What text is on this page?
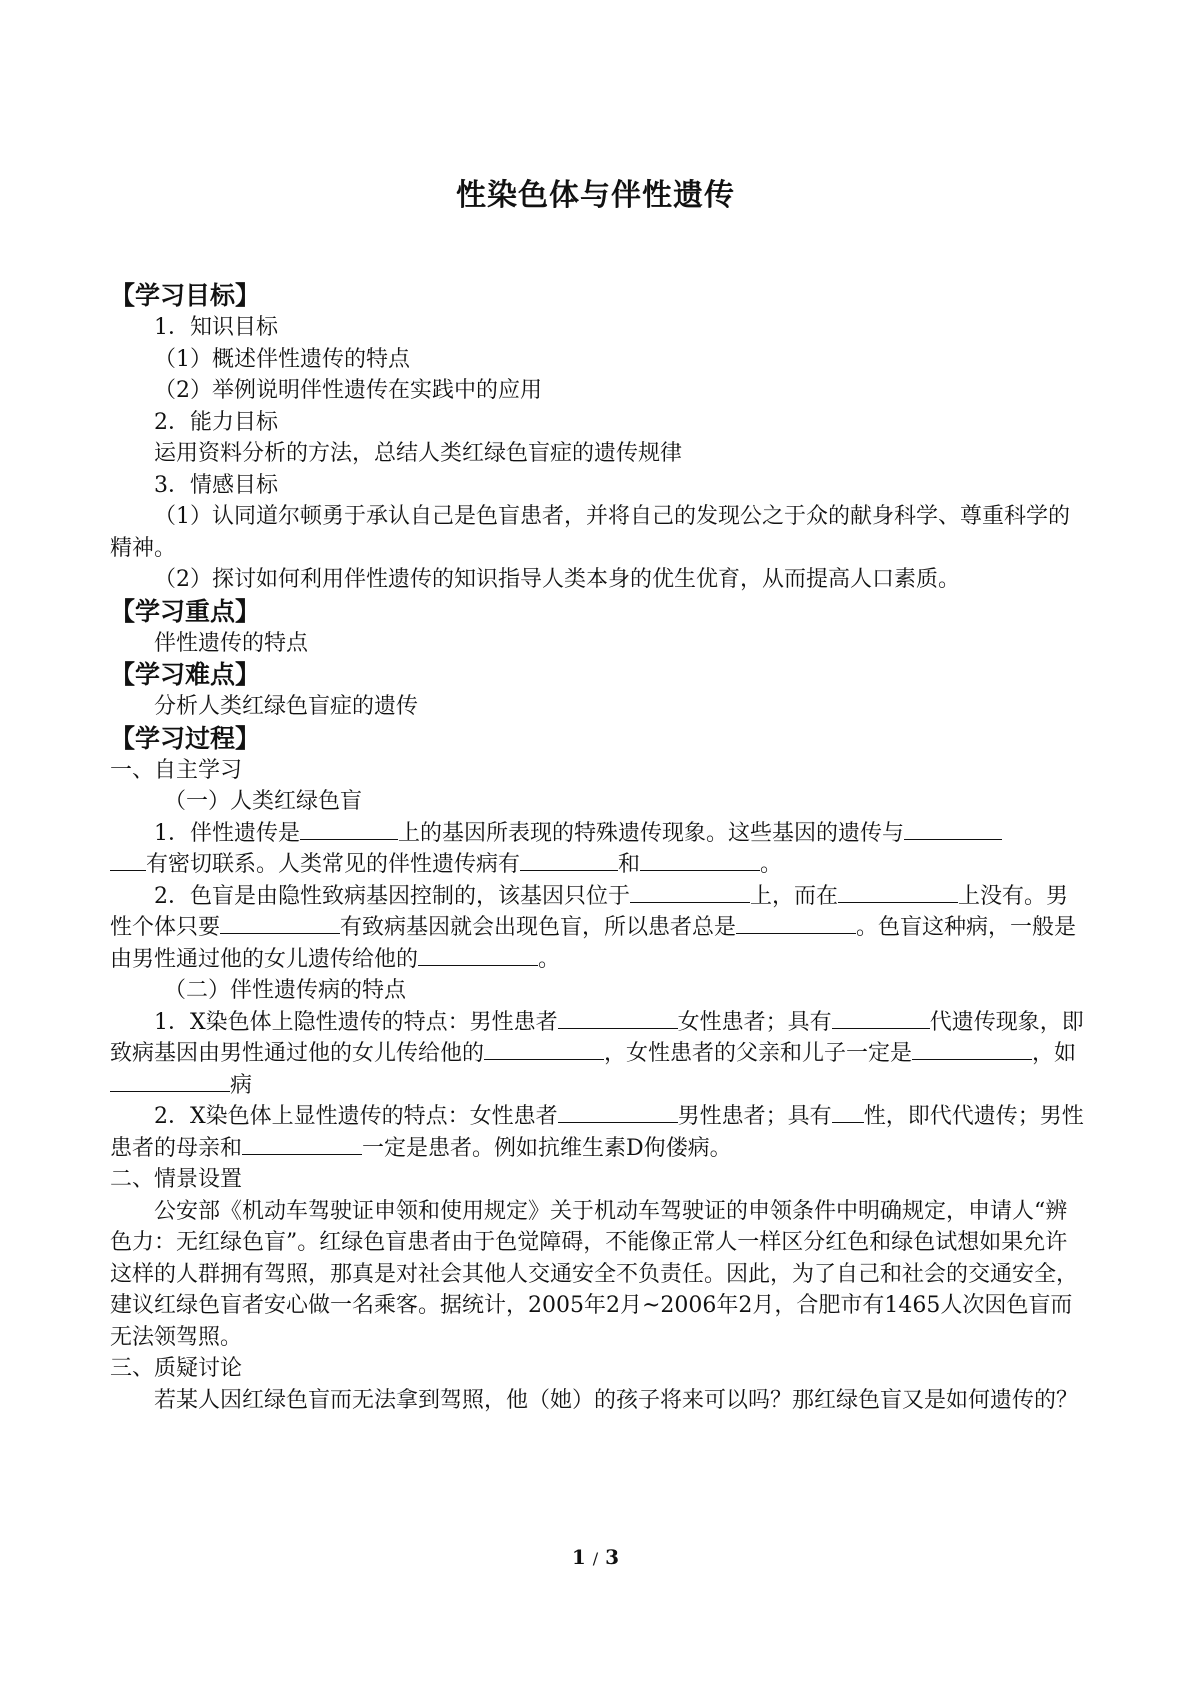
性染色体与伴性遗传

【学习目标】

1．知识目标

（1）概述伴性遗传的特点

（2）举例说明伴性遗传在实践中的应用

2．能力目标

运用资料分析的方法，总结人类红绿色盲症的遗传规律

3．情感目标

（1）认同道尔顿勇于承认自己是色盲患者，并将自己的发现公之于众的献身科学、尊重科学的精神。

（2）探讨如何利用伴性遗传的知识指导人类本身的优生优育，从而提高人口素质。

【学习重点】

伴性遗传的特点

【学习难点】

分析人类红绿色盲症的遗传

【学习过程】

一、自主学习

（一）人类红绿色盲

1．伴性遗传是	上的基因所表现的特殊遗传现象。这些基因的遗传与
有密切联系。人类常见的伴性遗传病有	和	。

2．色盲是由隐性致病基因控制的，该基因只位于	上，而在	上没有。男性个体只要	有致病基因就会出现色盲，所以患者总是	。色盲这种病，一般是由男性通过他的女儿遗传给他的	。

（二）伴性遗传病的特点

1．X染色体上隐性遗传的特点：男性患者	女性患者；具有	代遗传现象，即致病基因由男性通过他的女儿传给他的	，女性患者的父亲和儿子一定是	，如病

2．X染色体上显性遗传的特点：女性患者	男性患者；具有 性，即代代遗传；男性患者的母亲和	一定是患者。例如抗维生素D佝偻病。

二、情景设置

公安部《机动车驾驶证申领和使用规定》关于机动车驾驶证的申领条件中明确规定，申请人“辨色力：无红绿色盲”。红绿色盲患者由于色觉障碍，不能像正常人一样区分红色和绿色试想如果允许这样的人群拥有驾照，那真是对社会其他人交通安全不负责任。因此，为了自己和社会的交通安全，建议红绿色盲者安心做一名乘客。据统计，2005年2月~2006年2月，合肥市有1465人次因色盲而无法领驾照。

三、质疑讨论

若某人因红绿色盲而无法拿到驾照，他（她）的孩子将来可以吗？那红绿色盲又是如何遗传的？

1 / 3
